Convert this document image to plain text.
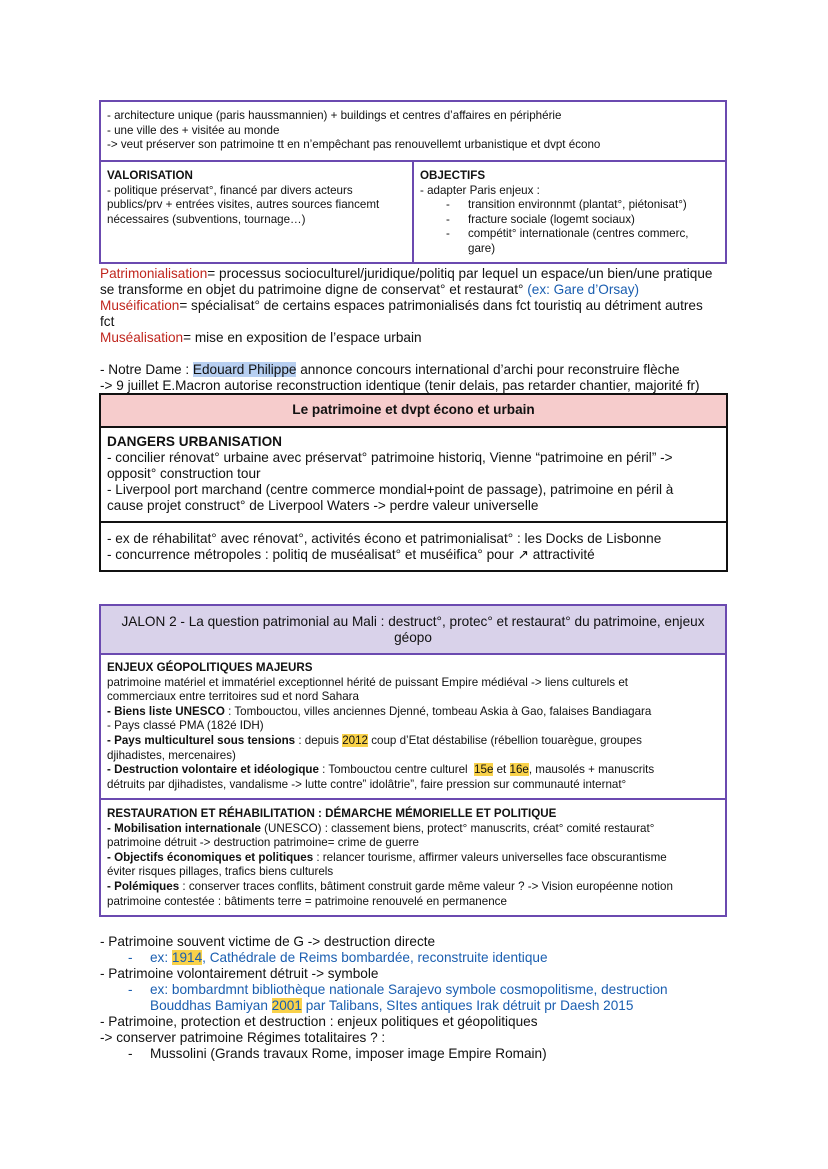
- architecture unique (paris haussmannien) + buildings et centres d’affaires en périphérie
- une ville des + visitée au monde
-> veut préserver son patrimoine tt en n’empêchant pas renouvellemt urbanistique et dvpt écono
VALORISATION
- politique préservat°, financé par divers acteurs
publics/prv + entrées visites, autres sources fiancemt
nécessaires (subventions, tournage…)
OBJECTIFS
- adapter Paris enjeux :
- transition environnmt (plantat°, piétonisat°)
- fracture sociale (logemt sociaux)
- compétit° internationale (centres commerc,
gare)
Patrimonialisation= processus socioculturel/juridique/politiq par lequel un espace/un bien/une pratique
se transforme en objet du patrimoine digne de conservat° et restaurat° (ex: Gare d’Orsay)
Muséification= spécialisat° de certains espaces patrimonialisés dans fct touristiq au détriment autres
fct
Muséalisation= mise en exposition de l’espace urbain
- Notre Dame : Edouard Philippe annonce concours international d’archi pour reconstruire flèche
-> 9 juillet E.Macron autorise reconstruction identique (tenir delais, pas retarder chantier, majorité fr)
Le patrimoine et dvpt écono et urbain
DANGERS URBANISATION
- concilier rénovat° urbaine avec préservat° patrimoine historiq, Vienne “patrimoine en péril” ->
opposit° construction tour
- Liverpool port marchand (centre commerce mondial+point de passage), patrimoine en péril à
cause projet construct° de Liverpool Waters -> perdre valeur universelle
- ex de réhabilitat° avec rénovat°, activités écono et patrimonialisat° : les Docks de Lisbonne
- concurrence métropoles : politiq de muséalisat° et muséifica° pour ↗ attractivité
JALON 2 - La question patrimonial au Mali : destruct°, protec° et restaurat° du patrimoine, enjeux
géopo
ENJEUX GÉOPOLITIQUES MAJEURS
patrimoine matériel et immatériel exceptionnel hérité de puissant Empire médiéval -> liens culturels et
commerciaux entre territoires sud et nord Sahara
- Biens liste UNESCO : Tombouctou, villes anciennes Djenné, tombeau Askia à Gao, falaises Bandiagara
- Pays classé PMA (182é IDH)
- Pays multiculturel sous tensions : depuis 2012 coup d’Etat déstabilise (rébellion touarègue, groupes
djihadistes, mercenaires)
- Destruction volontaire et idéologique : Tombouctou centre culturel  15e et 16e, mausolés + manuscrits
détruits par djihadistes, vandalisme -> lutte contre” idolâtrie”, faire pression sur communauté internat°
RESTAURATION ET RÉHABILITATION : DÉMARCHE MÉMORIELLE ET POLITIQUE
- Mobilisation internationale (UNESCO) : classement biens, protect° manuscrits, créat° comité restaurat°
patrimoine détruit -> destruction patrimoine= crime de guerre
- Objectifs économiques et politiques : relancer tourisme, affirmer valeurs universelles face obscurantisme
éviter risques pillages, trafics biens culturels
- Polémiques : conserver traces conflits, bâtiment construit garde même valeur ? -> Vision européenne notion
patrimoine contestée : bâtiments terre = patrimoine renouvelé en permanence
- Patrimoine souvent victime de G -> destruction directe
- ex: 1914, Cathédrale de Reims bombardée, reconstruite identique
- Patrimoine volontairement détruit -> symbole
- ex: bombardmnt bibliothèque nationale Sarajevo symbole cosmopolitisme, destruction
Bouddhas Bamiyan 2001 par Talibans, SItes antiques Irak détruit pr Daesh 2015
- Patrimoine, protection et destruction : enjeux politiques et géopolitiques
-> conserver patrimoine Régimes totalitaires ? :
- Mussolini (Grands travaux Rome, imposer image Empire Romain)
